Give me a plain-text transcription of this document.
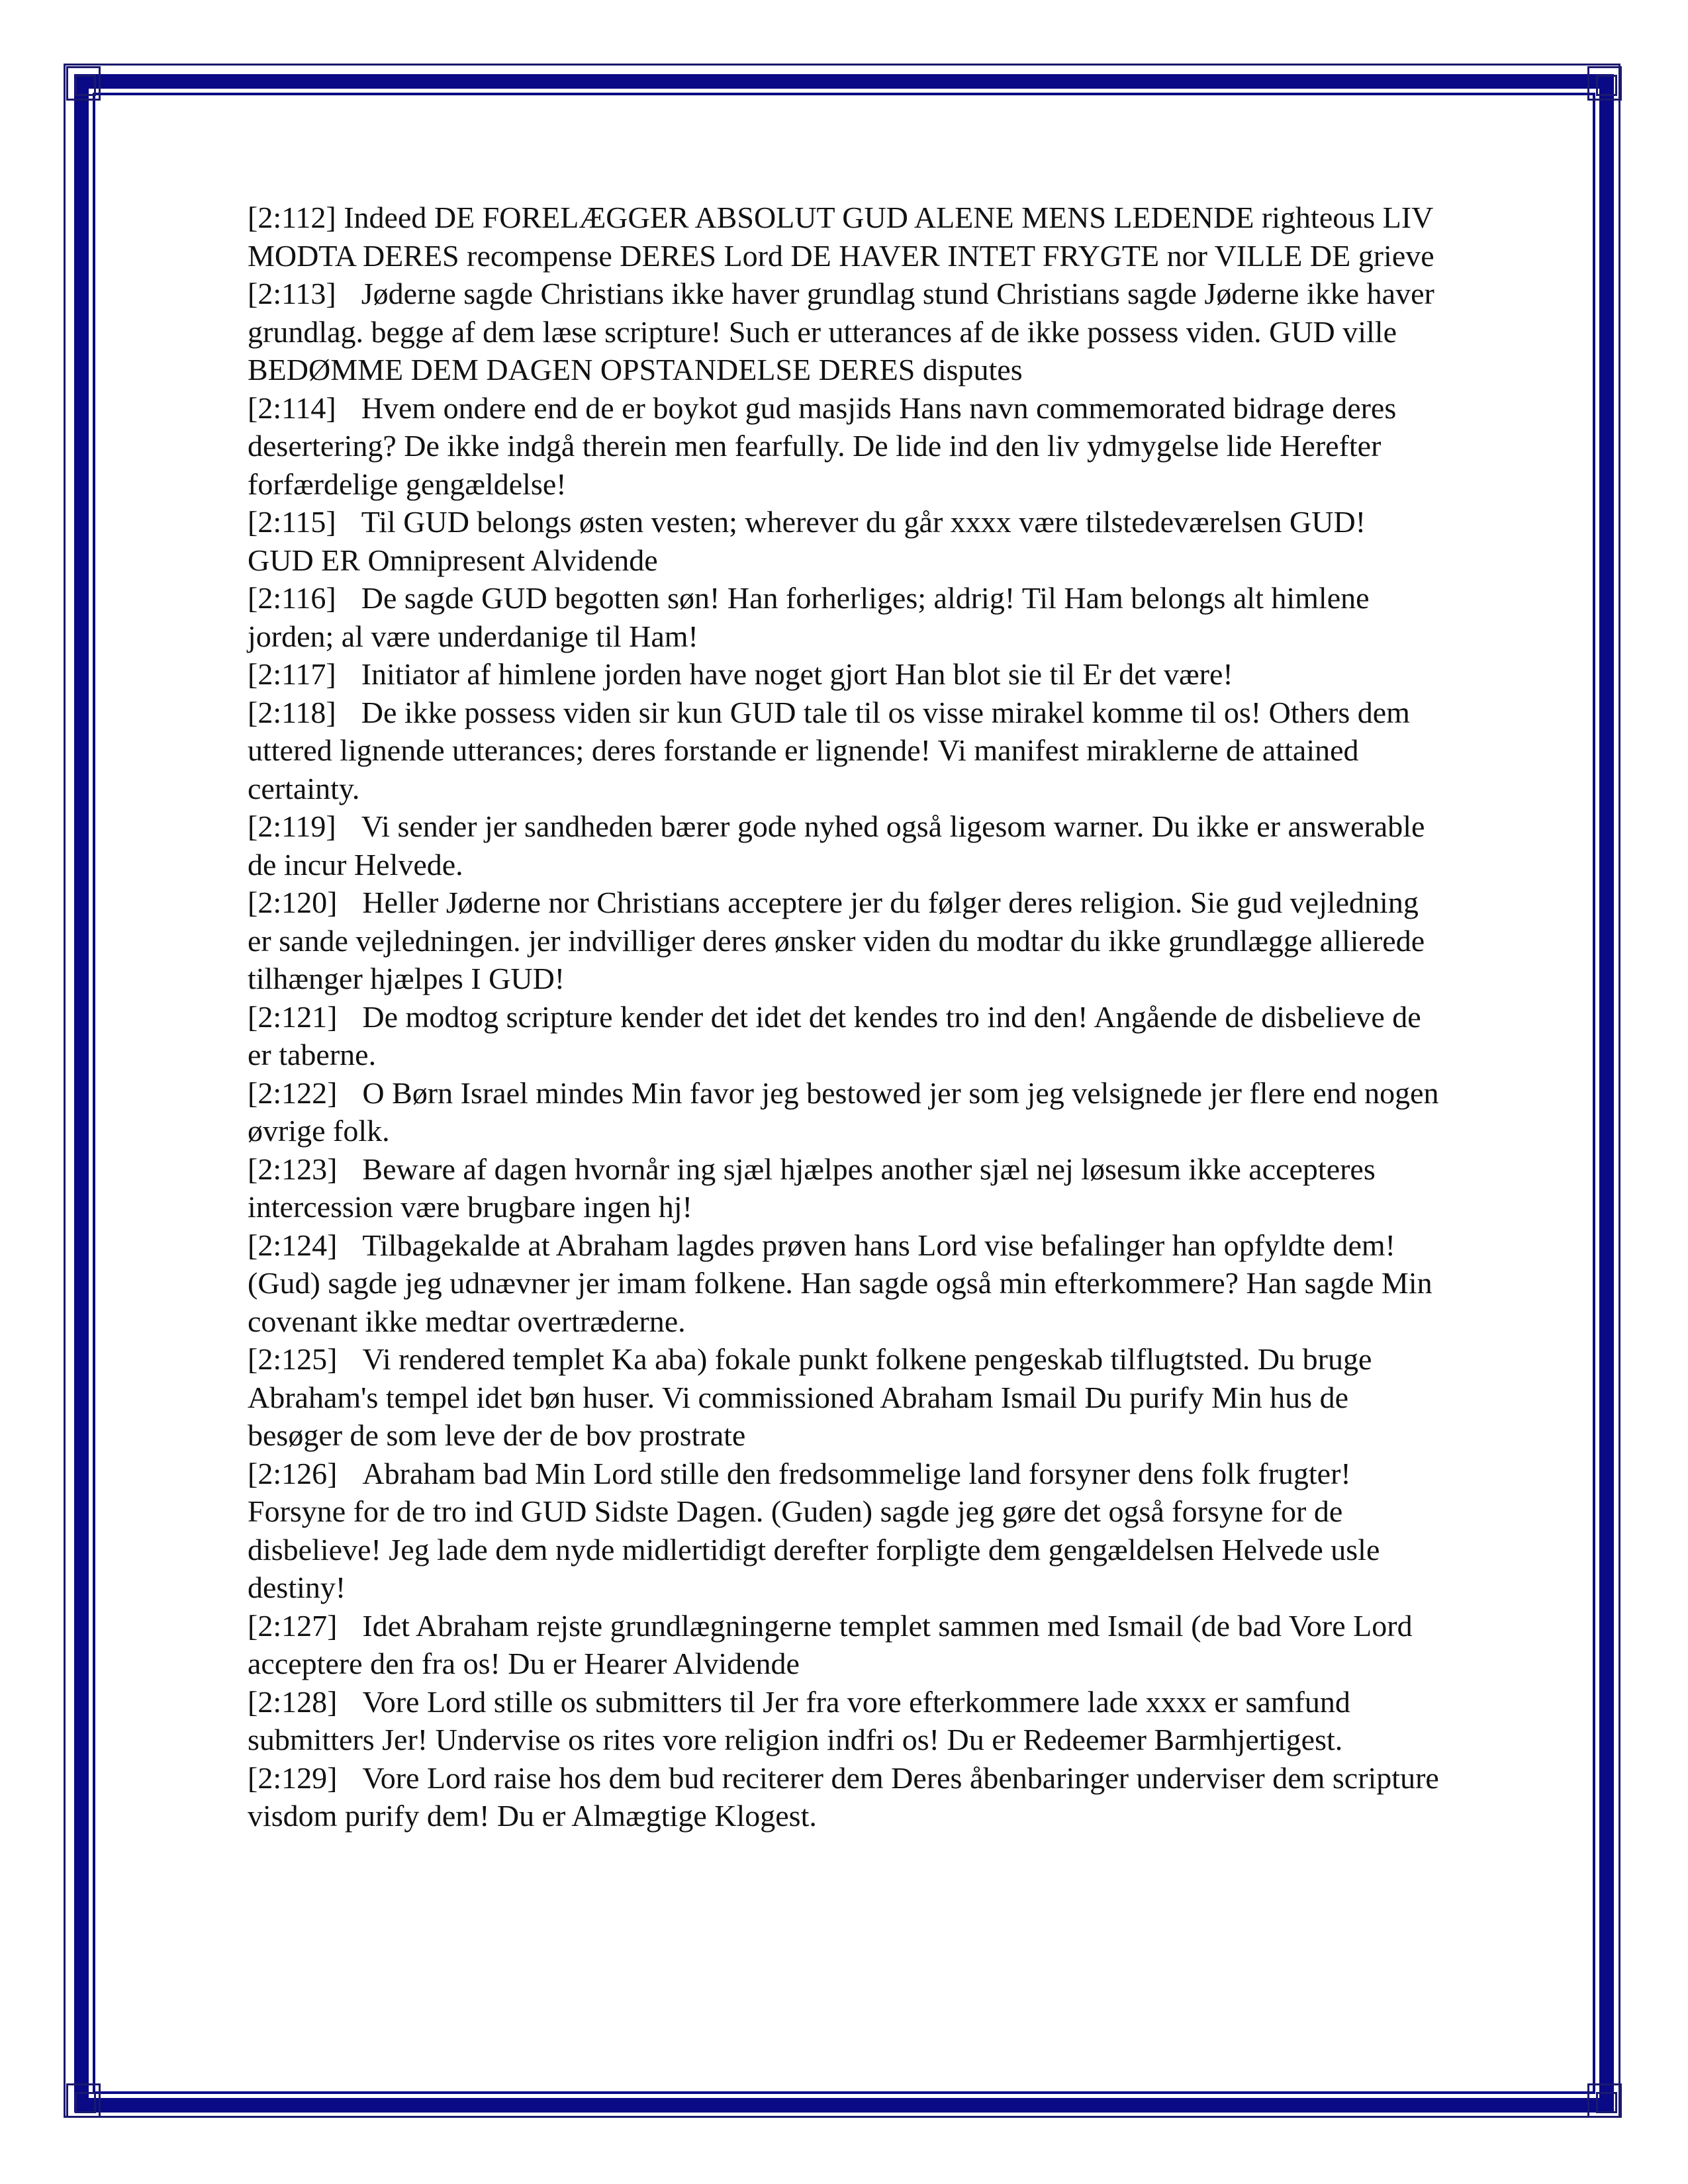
[2:112] Indeed DE FORELÆGGER ABSOLUT GUD ALENE MENS LEDENDE righteous LIV MODTA DERES recompense DERES Lord DE HAVER INTET FRYGTE nor VILLE DE grieve

[2:113] Jøderne sagde Christians ikke haver grundlag stund Christians sagde Jøderne ikke haver grundlag. begge af dem læse scripture! Such er utterances af de ikke possess viden. GUD ville BEDØMME DEM DAGEN OPSTANDELSE DERES disputes

[2:114] Hvem ondere end de er boykot gud masjids Hans navn commemorated bidrage deres desertering? De ikke indgå therein men fearfully. De lide ind den liv ydmygelse lide Herefter forfærdelige gengældelse!

[2:115] Til GUD belongs østen vesten; wherever du går xxxx være tilstedeværelsen GUD! GUD ER Omnipresent Alvidende

[2:116] De sagde GUD begotten søn! Han forherliges; aldrig! Til Ham belongs alt himlene jorden; al være underdanige til Ham!

[2:117] Initiator af himlene jorden have noget gjort Han blot sie til Er det være!

[2:118] De ikke possess viden sir kun GUD tale til os visse mirakel komme til os! Others dem uttered lignende utterances; deres forstande er lignende! Vi manifest miraklerne de attained certainty.

[2:119] Vi sender jer sandheden bærer gode nyhed også ligesom warner. Du ikke er answerable de incur Helvede.

[2:120] Heller Jøderne nor Christians acceptere jer du følger deres religion. Sie gud vejledning er sande vejledningen. jer indvilliger deres ønsker viden du modtar du ikke grundlægge allierede tilhænger hjælpes I GUD!

[2:121] De modtog scripture kender det idet det kendes tro ind den! Angående de disbelieve de er taberne.

[2:122] O Børn Israel mindes Min favor jeg bestowed jer som jeg velsignede jer flere end nogen øvrige folk.

[2:123] Beware af dagen hvornår ing sjæl hjælpes another sjæl nej løsesum ikke accepteres intercession være brugbare ingen hj!

[2:124] Tilbagekalde at Abraham lagdes prøven hans Lord vise befalinger han opfyldte dem! (Gud) sagde jeg udnævner jer imam folkene. Han sagde også min efterkommere? Han sagde Min covenant ikke medtar overtræderne.

[2:125] Vi rendered templet Ka aba) fokale punkt folkene pengeskab tilflugtsted. Du bruge Abraham's tempel idet bøn huser. Vi commissioned Abraham Ismail Du purify Min hus de besøger de som leve der de bov prostrate

[2:126] Abraham bad Min Lord stille den fredsommelige land forsyner dens folk frugter! Forsyne for de tro ind GUD Sidste Dagen. (Guden) sagde jeg gøre det også forsyne for de disbelieve! Jeg lade dem nyde midlertidigt derefter forpligte dem gengældelsen Helvede usle destiny!

[2:127] Idet Abraham rejste grundlægningerne templet sammen med Ismail (de bad Vore Lord acceptere den fra os! Du er Hearer Alvidende

[2:128] Vore Lord stille os submitters til Jer fra vore efterkommere lade xxxx er samfund submitters Jer! Undervise os rites vore religion indfri os! Du er Redeemer Barmhjertigest.

[2:129] Vore Lord raise hos dem bud reciterer dem Deres åbenbaringer underviser dem scripture visdom purify dem! Du er Almægtige Klogest.
